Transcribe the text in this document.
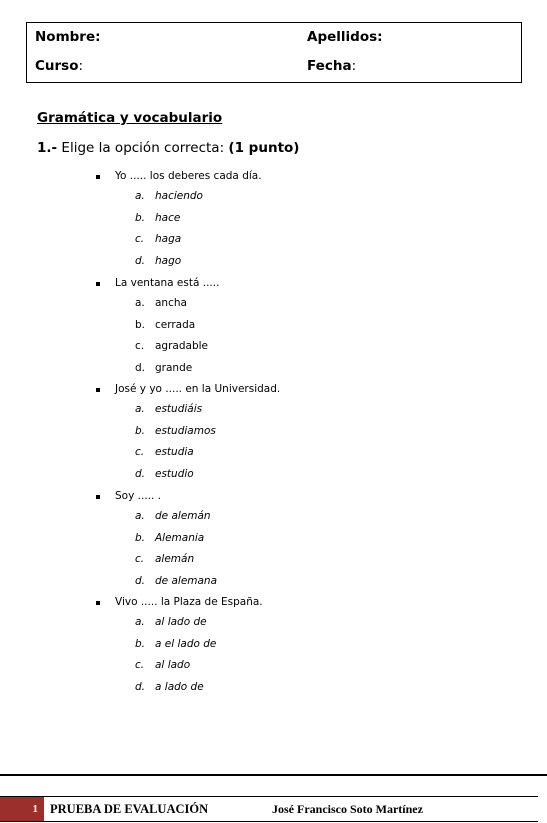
Nombre:	Apellidos:
Curso:	Fecha:
Gramática y vocabulario
1.- Elige la opción correcta: (1 punto)
Yo ..... los deberes cada día.
a. haciendo
b. hace
c. haga
d. hago
La ventana está .....
a. ancha
b. cerrada
c. agradable
d. grande
José y yo ..... en la Universidad.
a. estudiáis
b. estudiamos
c. estudia
d. estudio
Soy ..... .
a. de alemán
b. Alemania
c. alemán
d. de alemana
Vivo ..... la Plaza de España.
a. al lado de
b. a el lado de
c. al lado
d. a lado de
1 PRUEBA DE EVALUACIÓN	José Francisco Soto Martínez
